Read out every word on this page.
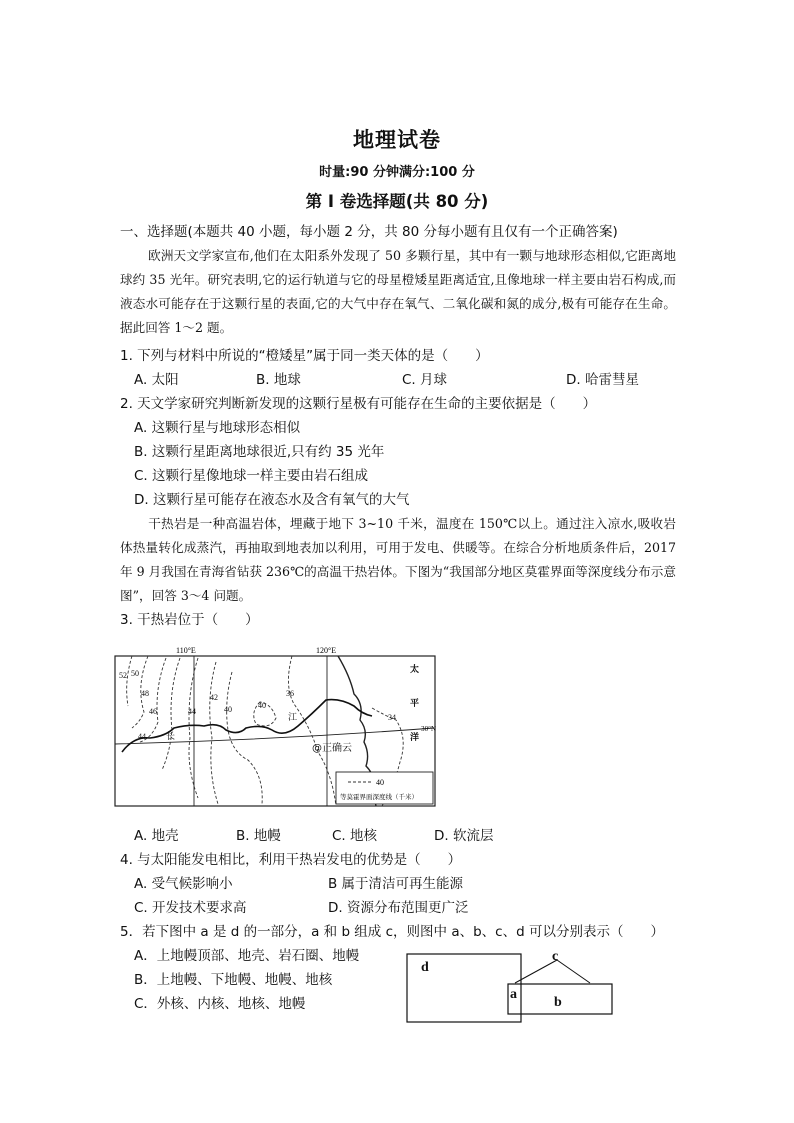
地理试卷
时量:90 分钟满分:100 分
第 I 卷选择题(共 80 分)
一、选择题(本题共 40 小题，每小题 2 分，共 80 分每小题有且仅有一个正确答案)
欧洲天文学家宣布,他们在太阳系外发现了 50 多颗行星，其中有一颗与地球形态相似,它距离地球约 35 光年。研究表明,它的运行轨道与它的母星橙矮星距离适宜,且像地球一样主要由岩石构成,而液态水可能存在于这颗行星的表面,它的大气中存在氧气、二氧化碳和氮的成分,极有可能存在生命。据此回答 1～2 题。
1. 下列与材料中所说的“橙矮星”属于同一类天体的是（　　）
A. 太阳	B. 地球	C. 月球	D. 哈雷彗星
2. 天文学家研究判断新发现的这颗行星极有可能存在生命的主要依据是（　　）
A. 这颗行星与地球形态相似
B. 这颗行星距离地球很近,只有约 35 光年
C. 这颗行星像地球一样主要由岩石组成
D. 这颗行星可能存在液态水及含有氧气的大气
干热岩是一种高温岩体，埋藏于地下 3~10 千米，温度在 150℃以上。通过注入凉水,吸收岩体热量转化成蒸汽，再抽取到地表加以利用，可用于发电、供暖等。在综合分析地质条件后，2017 年 9 月我国在青海省钻获 236℃的高温干热岩体。下图为“我国部分地区莫霍界面等深度线分布示意图”，回答 3～4 问题。
3. 干热岩位于（　　）
110°E	120°E
30°N
52 50
48
46	44
42
40	40
36
34
44
太
平
洋
长
江
@正确云
40
等莫霍界面深度线（千米）
A. 地壳	B. 地幔	C. 地核	D. 软流层
4. 与太阳能发电相比，利用干热岩发电的优势是（　　）
A. 受气候影响小	B 属于清洁可再生能源
C. 开发技术要求高	D. 资源分布范围更广泛
5．若下图中 a 是 d 的一部分，a 和 b 组成 c，则图中 a、b、c、d 可以分别表示（　　）
A．上地幔顶部、地壳、岩石圈、地幔
B．上地幔、下地幔、地幔、地核
C．外核、内核、地核、地幔
d
c
a
b
